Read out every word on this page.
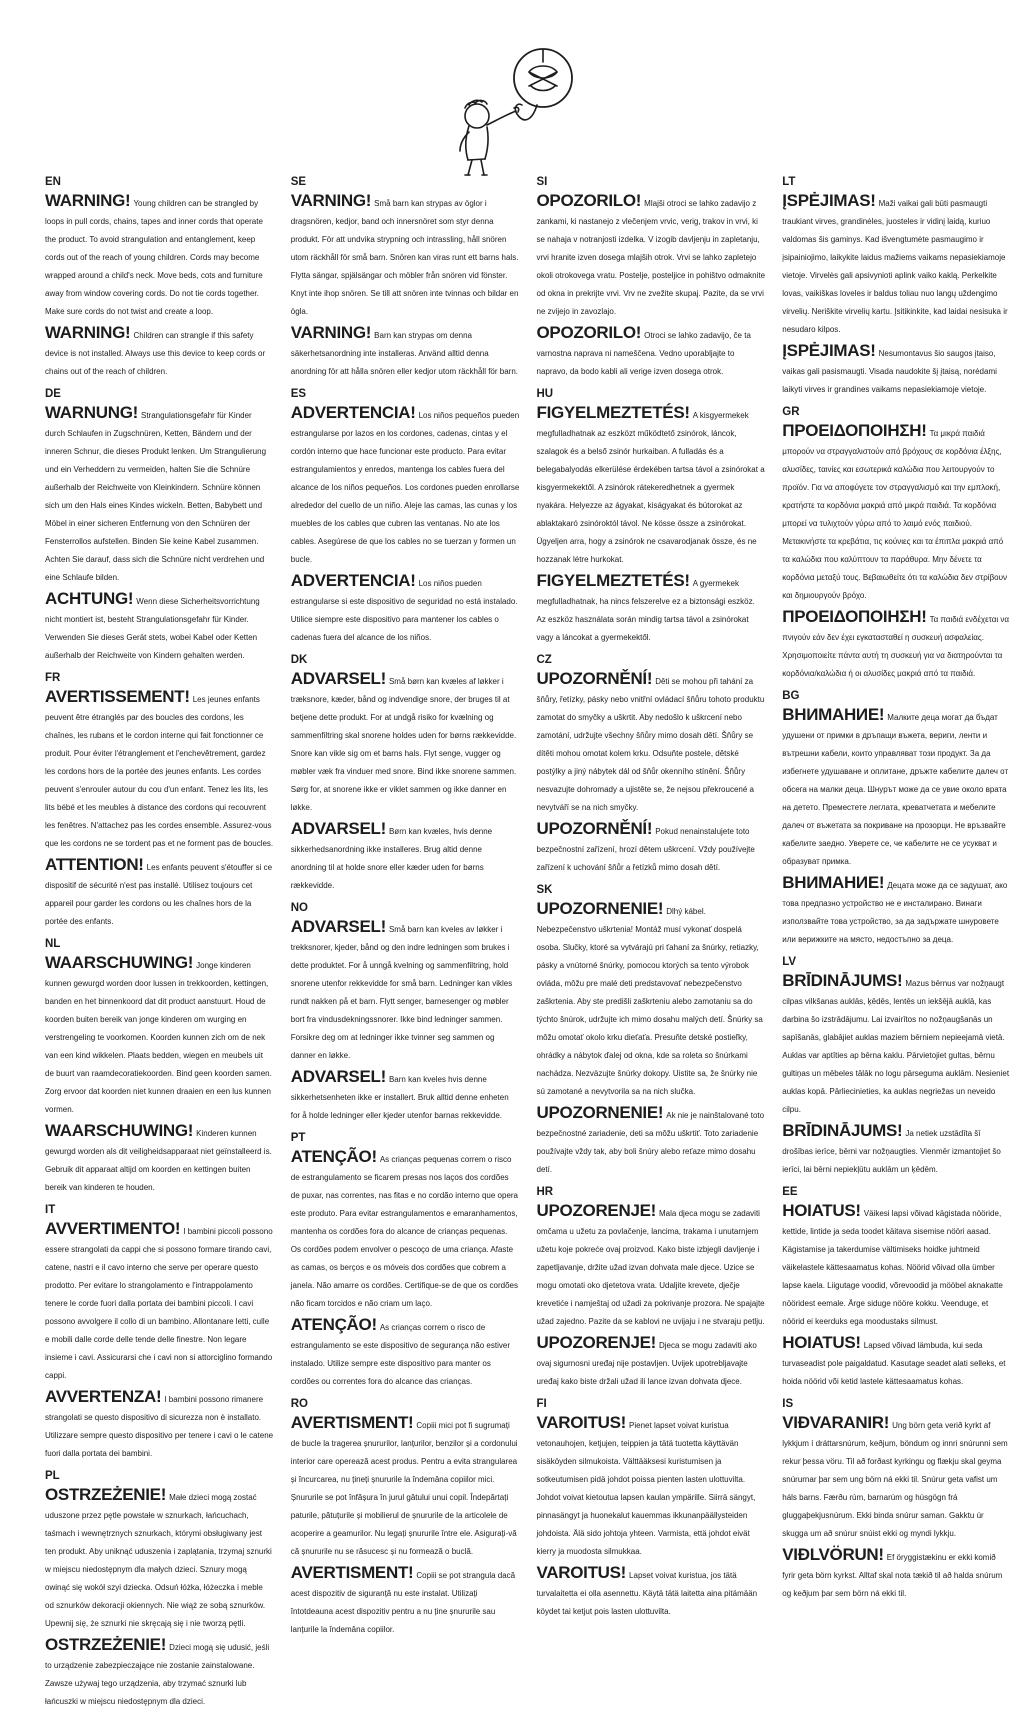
EN

WARNING! Young children can be strangled by loops in pull cords, chains, tapes and inner cords that operate the product. To avoid strangulation and entanglement, keep cords out of the reach of young children. Cords may become wrapped around a child's neck. Move beds, cots and furniture away from window covering cords. Do not tie cords together. Make sure cords do not twist and create a loop.

WARNING! Children can strangle if this safety device is not installed. Always use this device to keep cords or chains out of the reach of children.

DE

WARNUNG! Strangulationsgefahr für Kinder durch Schlaufen in Zugschnüren, Ketten, Bändern und der inneren Schnur, die dieses Produkt lenken. Um Strangulierung und ein Verheddern zu vermeiden, halten Sie die Schnüre außerhalb der Reichweite von Kleinkindern. Schnüre können sich um den Hals eines Kindes wickeln. Betten, Babybett und Möbel in einer sicheren Entfernung von den Schnüren der Fensterrollos aufstellen. Binden Sie keine Kabel zusammen. Achten Sie darauf, dass sich die Schnüre nicht verdrehen und eine Schlaufe bilden.

ACHTUNG! Wenn diese Sicherheitsvorrichtung nicht montiert ist, besteht Strangulationsgefahr für Kinder. Verwenden Sie dieses Gerät stets, wobei Kabel oder Ketten außerhalb der Reichweite von Kindern gehalten werden.

FR

AVERTISSEMENT! Les jeunes enfants peuvent être étranglés par des boucles des cordons, les chaînes, les rubans et le cordon interne qui fait fonctionner ce produit. Pour éviter l'étranglement et l'enchevêtrement, gardez les cordons hors de la portée des jeunes enfants. Les cordes peuvent s'enrouler autour du cou d'un enfant. Tenez les lits, les lits bébé et les meubles à distance des cordons qui recouvrent les fenêtres. N'attachez pas les cordes ensemble. Assurez-vous que les cordons ne se tordent pas et ne forment pas de boucles.

ATTENTION! Les enfants peuvent s'étouffer si ce dispositif de sécurité n'est pas installé. Utilisez toujours cet appareil pour garder les cordons ou les chaînes hors de la portée des enfants.

NL

WAARSCHUWING! Jonge kinderen kunnen gewurgd worden door lussen in trekkoorden, kettingen, banden en het binnenkoord dat dit product aanstuurt. Houd de koorden buiten bereik van jonge kinderen om wurging en verstrengeling te voorkomen. Koorden kunnen zich om de nek van een kind wikkelen. Plaats bedden, wiegen en meubels uit de buurt van raamdecoratiekoorden. Bind geen koorden samen. Zorg ervoor dat koorden niet kunnen draaien en een lus kunnen vormen.

WAARSCHUWING! Kinderen kunnen gewurgd worden als dit veiligheidsapparaat niet geïnstalleerd is. Gebruik dit apparaat altijd om koorden en kettingen buiten bereik van kinderen te houden.

IT

AVVERTIMENTO! I bambini piccoli possono essere strangolati da cappi che si possono formare tirando cavi, catene, nastri e il cavo interno che serve per operare questo prodotto. Per evitare lo strangolamento e l'intrappolamento tenere le corde fuori dalla portata dei bambini piccoli. I cavi possono avvolgere il collo di un bambino. Allontanare letti, culle e mobili dalle corde delle tende delle finestre. Non legare insieme i cavi. Assicurarsi che i cavi non si attorciglino formando cappi.

AVVERTENZA! I bambini possono rimanere strangolati se questo dispositivo di sicurezza non è installato. Utilizzare sempre questo dispositivo per tenere i cavi o le catene fuori dalla portata dei bambini.

PL

OSTRZEŻENIE! Małe dzieci mogą zostać uduszone przez pętle powstałe w sznurkach, łańcuchach, taśmach i wewnętrznych sznurkach, którymi obsługiwany jest ten produkt. Aby uniknąć uduszenia i zaplątania, trzymaj sznurki w miejscu niedostępnym dla małych dzieci. Sznury mogą owinąć się wokół szyi dziecka. Odsuń łóżka, łóżeczka i meble od sznurków dekoracji okiennych. Nie wiąż ze sobą sznurków. Upewnij się, że sznurki nie skręcają się i nie tworzą pętli.

OSTRZEŻENIE! Dzieci mogą się udusić, jeśli to urządzenie zabezpieczające nie zostanie zainstalowane. Zawsze używaj tego urządzenia, aby trzymać sznurki lub łańcuszki w miejscu niedostępnym dla dzieci.

SE

VARNING! Små barn kan strypas av öglor i dragsnören, kedjor, band och innersnöret som styr denna produkt. För att undvika strypning och intrassling, håll snören utom räckhåll för små barn. Snören kan viras runt ett barns hals. Flytta sängar, spjälsängar och möbler från snören vid fönster. Knyt inte ihop snören. Se till att snören inte tvinnas och bildar en ögla.

VARNING! Barn kan strypas om denna säkerhetsanordning inte installeras. Använd alltid denna anordning för att hålla snören eller kedjor utom räckhåll för barn.

ES

ADVERTENCIA! Los niños pequeños pueden estrangularse por lazos en los cordones, cadenas, cintas y el cordón interno que hace funcionar este producto. Para evitar estrangulamientos y enredos, mantenga los cables fuera del alcance de los niños pequeños. Los cordones pueden enrollarse alrededor del cuello de un niño. Aleje las camas, las cunas y los muebles de los cables que cubren las ventanas. No ate los cables. Asegúrese de que los cables no se tuerzan y formen un bucle.

ADVERTENCIA! Los niños pueden estrangularse si este dispositivo de seguridad no está instalado. Utilice siempre este dispositivo para mantener los cables o cadenas fuera del alcance de los niños.

DK

ADVARSEL! Små børn kan kvæles af løkker i træksnore, kæder, bånd og indvendige snore, der bruges til at betjene dette produkt. For at undgå risiko for kvælning og sammenfiltring skal snorene holdes uden for børns rækkevidde. Snore kan vikle sig om et barns hals. Flyt senge, vugger og møbler væk fra vinduer med snore. Bind ikke snorene sammen. Sørg for, at snorene ikke er viklet sammen og ikke danner en løkke.

ADVARSEL! Børn kan kvæles, hvis denne sikkerhedsanordning ikke installeres. Brug altid denne anordning til at holde snore eller kæder uden for børns rækkevidde.

NO

ADVARSEL! Små barn kan kveles av løkker i trekksnorer, kjeder, bånd og den indre ledningen som brukes i dette produktet. For å unngå kvelning og sammenfiltring, hold snorene utenfor rekkevidde for små barn. Ledninger kan vikles rundt nakken på et barn. Flytt senger, barnesenger og møbler bort fra vindusdekningssnorer. Ikke bind ledninger sammen. Forsikre deg om at ledninger ikke tvinner seg sammen og danner en løkke.

ADVARSEL! Barn kan kveles hvis denne sikkerhetsenheten ikke er installert. Bruk alltid denne enheten for å holde ledninger eller kjeder utenfor barnas rekkevidde.

PT

ATENÇÃO! As crianças pequenas correm o risco de estrangulamento se ficarem presas nos laços dos cordões de puxar, nas correntes, nas fitas e no cordão interno que opera este produto. Para evitar estrangulamentos e emaranhamentos, mantenha os cordões fora do alcance de crianças pequenas. Os cordões podem envolver o pescoço de uma criança. Afaste as camas, os berços e os móveis dos cordões que cobrem a janela. Não amarre os cordões. Certifique-se de que os cordões não ficam torcidos e não criam um laço.

ATENÇÃO! As crianças correm o risco de estrangulamento se este dispositivo de segurança não estiver instalado. Utilize sempre este dispositivo para manter os cordões ou correntes fora do alcance das crianças.

RO

AVERTISMENT! Copiii mici pot fi sugrumați de bucle la tragerea șnururilor, lanțurilor, benzilor și a cordonului interior care operează acest produs. Pentru a evita strangularea și încurcarea, nu țineți șnururile la îndemâna copiilor mici. Șnururile se pot înfășura în jurul gâtului unui copil. Îndepărtați paturile, pătuțurile și mobilierul de șnururile de la articolele de acoperire a geamurilor. Nu legați șnururile între ele. Asigurați-vă că șnururile nu se răsucesc și nu formează o buclă.

AVERTISMENT! Copiii se pot strangula dacă acest dispozitiv de siguranță nu este instalat. Utilizați întotdeauna acest dispozitiv pentru a nu ține șnururile sau lanțurile la îndemâna copiilor.

SI

OPOZORILO! Mlajši otroci se lahko zadavijo z zankami, ki nastanejo z vlečenjem vrvic, verig, trakov in vrvi, ki se nahaja v notranjosti izdelka. V izogib davljenju in zapletanju, vrvi hranite izven dosega mlajših otrok. Vrvi se lahko zapletejo okoli otrokovega vratu. Postelje, posteljice in pohištvo odmaknite od okna in prekrijte vrvi. Vrv ne zvežite skupaj. Pazite, da se vrvi ne zvijejo in zavozlajo.

OPOZORILO! Otroci se lahko zadavijo, če ta varnostna naprava ni nameščena. Vedno uporabljajte to napravo, da bodo kabli ali verige izven dosega otrok.

HU

FIGYELMEZTETÉS! A kisgyermekek megfulladhatnak az eszközt működtető zsinórok, láncok, szalagok és a belső zsinór hurkaiban. A fulladás és a belegabalyodás elkerülése érdekében tartsa távol a zsinórokat a kisgyermekektől. A zsinórok rátekeredhetnek a gyermek nyakára. Helyezze az ágyakat, kiságyakat és bútorokat az ablaktakaró zsinóroktól távol. Ne kösse össze a zsinórokat. Ügyeljen arra, hogy a zsinórok ne csavarodjanak össze, és ne hozzanak létre hurkokat.

FIGYELMEZTETÉS! A gyermekek megfulladhatnak, ha nincs felszerelve ez a biztonsági eszköz. Az eszköz használata során mindig tartsa távol a zsinórokat vagy a láncokat a gyermekektől.

CZ

UPOZORNĚNÍ! Děti se mohou při tahání za šňůry, řetízky, pásky nebo vnitřní ovládací šňůru tohoto produktu zamotat do smyčky a uškrtit. Aby nedošlo k uškrcení nebo zamotání, udržujte všechny šňůry mimo dosah dětí. Šňůry se dítěti mohou omotat kolem krku. Odsuňte postele, dětské postýlky a jiný nábytek dál od šňůr okenního stínění. Šňůry nesvazujte dohromady a ujistěte se, že nejsou překroucené a nevytváří se na nich smyčky.

UPOZORNĚNÍ! Pokud nenainstalujete toto bezpečnostní zařízení, hrozí dětem uškrcení. Vždy používejte zařízení k uchování šňůr a řetízků mimo dosah dětí.

SK

UPOZORNENIE! Dlhý kábel. Nebezpečenstvo uškrtenia! Montáž musí vykonať dospelá osoba. Slučky, ktoré sa vytvárajú pri ťahaní za šnúrky, retiazky, pásky a vnútorné šnúrky, pomocou ktorých sa tento výrobok ovláda, môžu pre malé deti predstavovať nebezpečenstvo zaškrtenia. Aby ste predišli zaškrteniu alebo zamotaniu sa do týchto šnúrok, udržujte ich mimo dosahu malých detí. Šnúrky sa môžu omotať okolo krku dieťaťa. Presuňte detské postieľky, ohrádky a nábytok ďalej od okna, kde sa roleta so šnúrkami nachádza. Nezväzujte šnúrky dokopy. Uistite sa, že šnúrky nie sú zamotané a nevytvorila sa na nich slučka.

UPOZORNENIE! Ak nie je nainštalované toto bezpečnostné zariadenie, deti sa môžu uškrtiť. Toto zariadenie používajte vždy tak, aby boli šnúry alebo reťaze mimo dosahu detí.

HR

UPOZORENJE! Mala djeca mogu se zadaviti omčama u užetu za povlačenje, lancima, trakama i unutarnjem užetu koje pokreće ovaj proizvod. Kako biste izbjegli davljenje i zapetljavanje, držite užad izvan dohvata male djece. Uzice se mogu omotati oko djetetova vrata. Udaljite krevete, dječje krevetiće i namještaj od užadi za pokrivanje prozora. Ne spajajte užad zajedno. Pazite da se kablovi ne uvijaju i ne stvaraju petlju.

UPOZORENJE! Djeca se mogu zadaviti ako ovaj sigurnosni uređaj nije postavljen. Uvijek upotrebljavajte uređaj kako biste držali užad ili lance izvan dohvata djece.

FI

VAROITUS! Pienet lapset voivat kuristua vetonauhojen, ketjujen, teippien ja tätä tuotetta käyttävän sisäköyden silmukoista. Välttääksesi kuristumisen ja sotkeutumisen pidä johdot poissa pienten lasten ulottuvilta. Johdot voivat kietoutua lapsen kaulan ympärille. Siirrä sängyt, pinnasängyt ja huonekalut kauemmas ikkunanpäällysteiden johdoista. Älä sido johtoja yhteen. Varmista, että johdot eivät kierry ja muodosta silmukkaa.

VAROITUS! Lapset voivat kuristua, jos tätä turvalaitetta ei olla asennettu. Käytä tätä laitetta aina pitämään köydet tai ketjut pois lasten ulottuvilta.

LT

ĮSPĖJIMAS! Maži vaikai gali būti pasmaugti traukiant virves, grandinėles, juosteles ir vidinį laidą, kuriuo valdomas šis gaminys. Kad išvengtumėte pasmaugimo ir įsipainiojimo, laikykite laidus mažiems vaikams nepasiekiamoje vietoje. Virvelės gali apsivynioti aplink vaiko kaklą. Perkelkite lovas, vaikiškas loveles ir baldus toliau nuo langų uždengimo virvelių. Neriškite virvelių kartu. Įsitikinkite, kad laidai nesisuka ir nesudaro kilpos.

ĮSPĖJIMAS! Nesumontavus šio saugos įtaiso, vaikas gali pasismaugti. Visada naudokite šį įtaisą, norėdami laikyti virves ir grandines vaikams nepasiekiamoje vietoje.

GR

ΠΡΟΕΙΔΟΠΟΙΗΣΗ! Τα μικρά παιδιά μπορούν να στραγγαλιστούν από βρόχους σε κορδόνια έλξης, αλυσίδες, ταινίες και εσωτερικά καλώδια που λειτουργούν το προϊόν. Για να αποφύγετε τον στραγγαλισμό και την εμπλοκή, κρατήστε τα κορδόνια μακριά από μικρά παιδιά. Τα κορδόνια μπορεί να τυλιχτούν γύρω από το λαιμό ενός παιδιού. Μετακινήστε τα κρεβάτια, τις κούνιες και τα έπιπλα μακριά από τα καλώδια που καλύπτουν τα παράθυρα. Μην δένετε τα κορδόνια μεταξύ τους. Βεβαιωθείτε ότι τα καλώδια δεν στρίβουν και δημιουργούν βρόχο.

ΠΡΟΕΙΔΟΠΟΙΗΣΗ! Τα παιδιά ενδέχεται να πνιγούν εάν δεν έχει εγκατασταθεί η συσκευή ασφαλείας. Χρησιμοποιείτε πάντα αυτή τη συσκευή για να διατηρούνται τα κορδόνια/καλώδια ή οι αλυσίδες μακριά από τα παιδιά.

BG

ВНИМАНИЕ! Малките деца могат да бъдат удушени от примки в дръпащи въжета, вериги, ленти и вътрешни кабели, които управляват този продукт. За да избегнете удушаване и оплитане, дръжте кабелите далеч от обсега на малки деца. Шнурът може да се увие около врата на детето. Преместете леглата, креватчетата и мебелите далеч от въжетата за покриване на прозорци. Не връзвайте кабелите заедно. Уверете се, че кабелите не се усукват и образуват примка.

ВНИМАНИЕ! Децата може да се задушат, ако това предпазно устройство не е инсталирано. Винаги използвайте това устройство, за да задържате шнуровете или верижките на място, недостъпно за деца.

LV

BRĪDINĀJUMS! Mazus bērnus var nožņaugt cilpas vilkšanas auklās, ķēdēs, lentēs un iekšējā auklā, kas darbina šo izstrādājumu. Lai izvairītos no nožņaugšanās un sapīšanās, glabājiet auklas maziem bērniem nepieejamā vietā. Auklas var aptīties ap bērna kaklu. Pārvietojiet gultas, bērnu gultiņas un mēbeles tālāk no logu pārseguma auklām. Nesieniet auklas kopā. Pārliecinieties, ka auklas negriežas un neveido cilpu.

BRĪDINĀJUMS! Ja netiek uzstādīta šī drošības ierīce, bērni var nožņaugties. Vienmēr izmantojiet šo ierīci, lai bērni nepiekļūtu auklām un ķēdēm.

EE

HOIATUS! Väikesi lapsi võivad kägistada nööride, kettide, lintide ja seda toodet käitava sisemise nööri aasad. Kägistamise ja takerdumise vältimiseks hoidke juhtmeid väikelastele kättesaamatus kohas. Nöörid võivad olla ümber lapse kaela. Liigutage voodid, võrevoodid ja mööbel aknakatte nööridest eemale. Ärge siduge nööre kokku. Veenduge, et nöörid ei keerduks ega moodustaks silmust.

HOIATUS! Lapsed võivad lämbuda, kui seda turvaseadist pole paigaldatud. Kasutage seadet alati selleks, et hoida nöörid või ketid lastele kättesaamatus kohas.

IS

VIÐVARANIR! Ung börn geta verið kyrkt af lykkjum í dráttarsnúrum, keðjum, böndum og innri snúrunni sem rekur þessa vöru. Til að forðast kyrkingu og flækju skal geyma snúrurnar þar sem ung börn ná ekki til. Snúrur geta vafist um háls barns. Færðu rúm, barnarúm og húsgögn frá gluggaþekjusnúrum. Ekki binda snúrur saman. Gakktu úr skugga um að snúrur snúist ekki og myndi lykkju.

VIÐLVÖRUN! Ef öryggistækinu er ekki komið fyrir geta börn kyrkst. Alltaf skal nota tækið til að halda snúrum og keðjum þar sem börn ná ekki til.
